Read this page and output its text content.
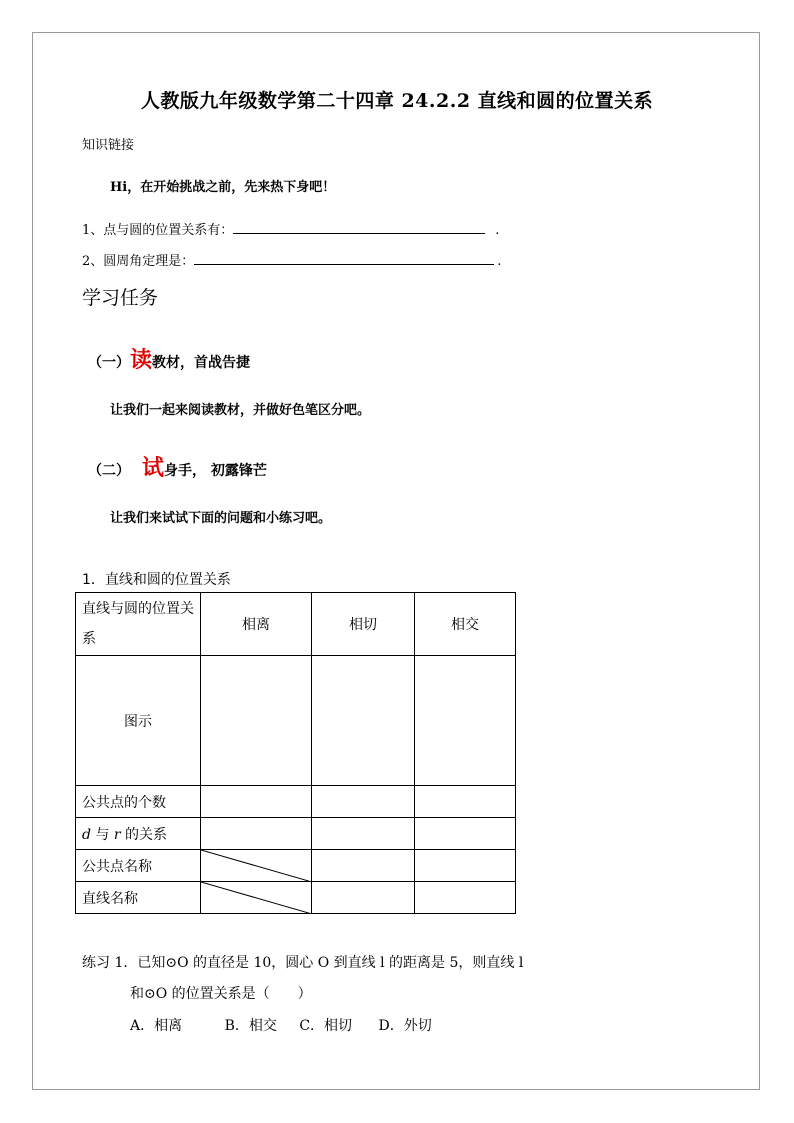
人教版九年级数学第二十四章 24.2.2 直线和圆的位置关系
知识链接
Hi，在开始挑战之前，先来热下身吧！
1、点与圆的位置关系有：	.
2、圆周角定理是：	.
学习任务
（一）读教材，首战告捷
让我们一起来阅读教材，并做好色笔区分吧。
（二） 试身手， 初露锋芒
让我们来试试下面的问题和小练习吧。
1．直线和圆的位置关系
直线与圆的位置关系	相离	相切	相交
图示			
公共点的个数			
d 与 r 的关系			
公共点名称	

直线名称	

练习 1．已知⊙O 的直径是 10，圆心 O 到直线 l 的距离是 5，则直线 l
和⊙O 的位置关系是（　　）
A．相离	B．相交 C．相切 D．外切
